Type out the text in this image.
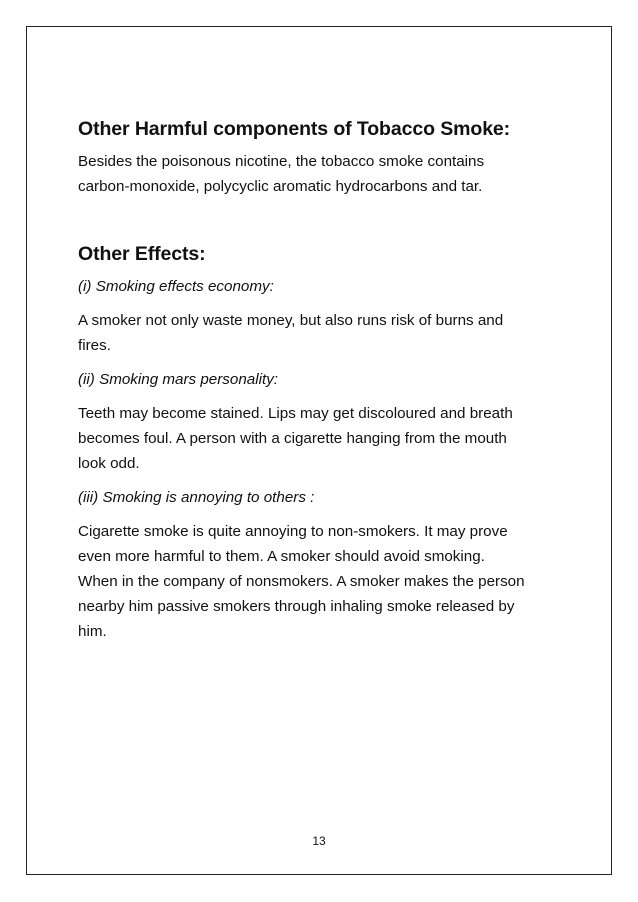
Other Harmful components of Tobacco Smoke:

Besides the poisonous nicotine, the tobacco smoke contains
carbon-monoxide, polycyclic aromatic hydrocarbons and tar.

Other Effects:

(i) Smoking effects economy:

A smoker not only waste money, but also runs risk of burns and
fires.

(ii) Smoking mars personality:

Teeth may become stained. Lips may get discoloured and breath
becomes foul. A person with a cigarette hanging from the mouth
look odd.

(iii) Smoking is annoying to others :

Cigarette smoke is quite annoying to non-smokers. It may prove
even more harmful to them. A smoker should avoid smoking.
When in the company of nonsmokers. A smoker makes the person
nearby him passive smokers through inhaling smoke released by
him.

13
